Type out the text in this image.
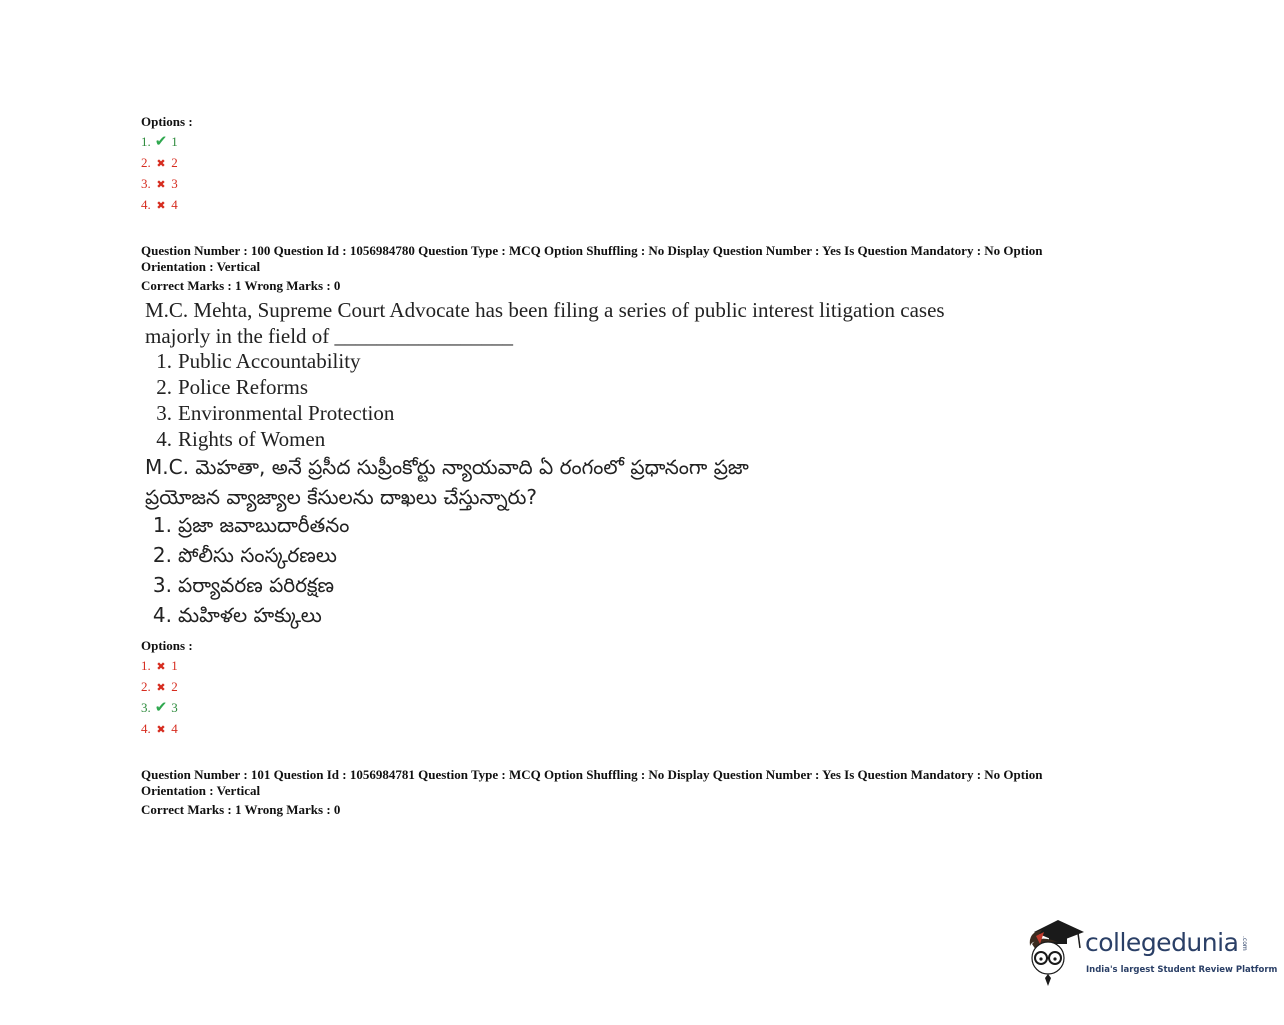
Options :
1. ✔ 1
2. ✖ 2
3. ✖ 3
4. ✖ 4
Question Number : 100 Question Id : 1056984780 Question Type : MCQ Option Shuffling : No Display Question Number : Yes Is Question Mandatory : No Option
Orientation : Vertical
Correct Marks : 1 Wrong Marks : 0
M.C. Mehta, Supreme Court Advocate has been filing a series of public interest litigation cases
majorly in the field of _________________
1. Public Accountability
2. Police Reforms
3. Environmental Protection
4. Rights of Women
M.C. మెహతా, అనే ప్రసీద సుప్రీంకోర్టు న్యాయవాది ఏ రంగంలో ప్రధానంగా ప్రజా
ప్రయోజన వ్యాజ్యాల కేసులను దాఖలు చేస్తున్నారు?
1. ప్రజా జవాబుదారీతనం
2. పోలీసు సంస్కరణలు
3. పర్యావరణ పరిరక్షణ
4. మహిళల హక్కులు
Options :
1. ✖ 1
2. ✖ 2
3. ✔ 3
4. ✖ 4
Question Number : 101 Question Id : 1056984781 Question Type : MCQ Option Shuffling : No Display Question Number : Yes Is Question Mandatory : No Option
Orientation : Vertical
Correct Marks : 1 Wrong Marks : 0
collegedunia .com
India's largest Student Review Platform
